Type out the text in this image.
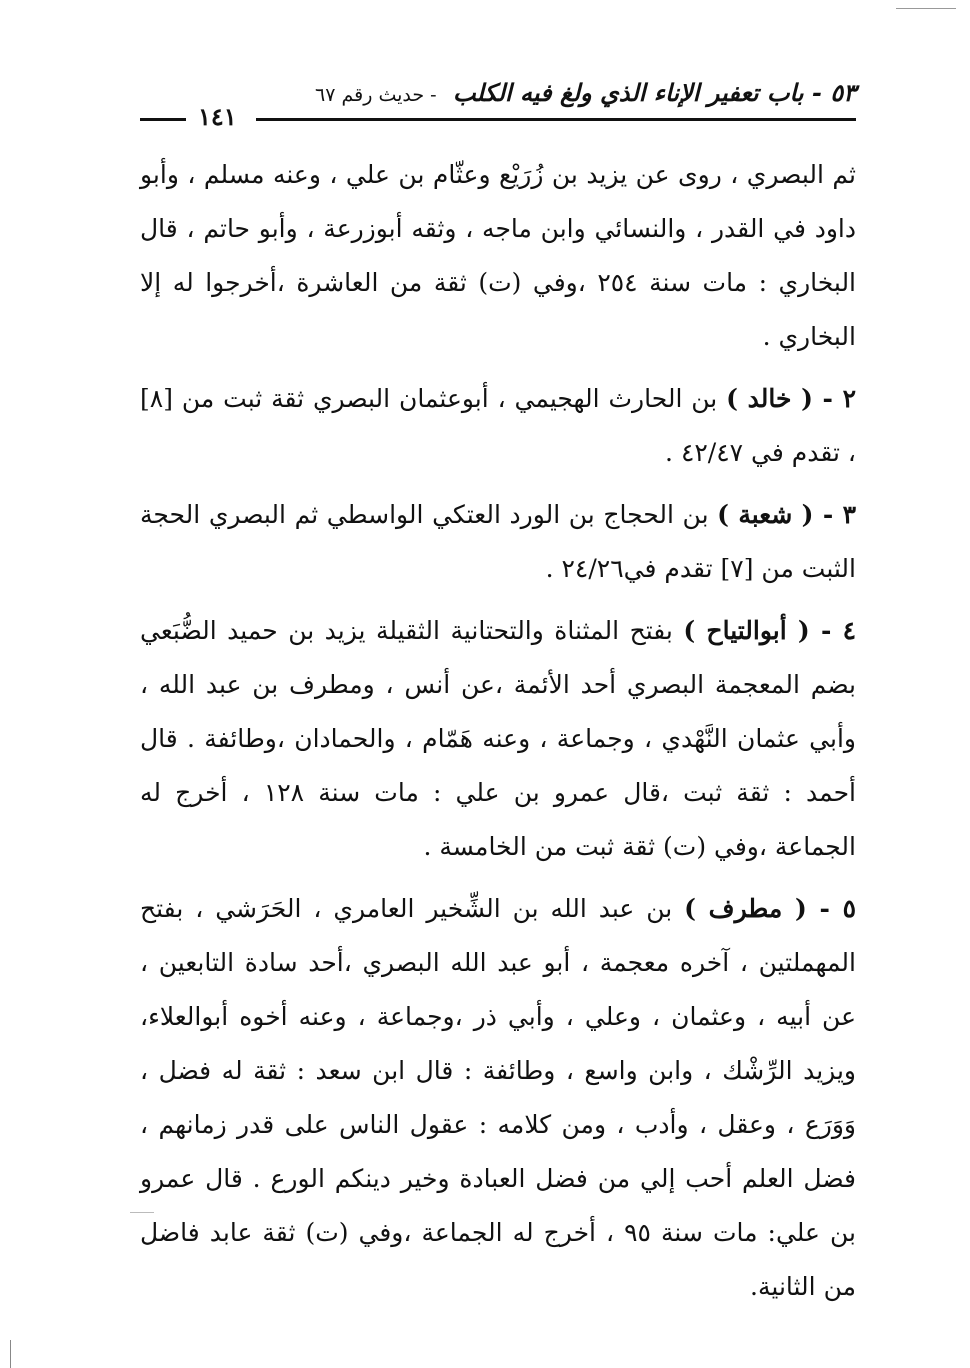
٥٣ - باب تعفير الإناء الذي ولغ فيه الكلب - حديث رقم ٦٧
١٤١

ثم البصري ، روى عن يزيد بن زُرَيْع وعثّام بن علي ، وعنه مسلم ، وأبو داود في القدر ، والنسائي وابن ماجه ، وثقه أبوزرعة ، وأبو حاتم ، قال البخاري : مات سنة ٢٥٤ ،وفي (ت) ثقة من العاشرة ،أخرجوا له إلا البخاري .

٢ - ( خالد ) بن الحارث الهجيمي ، أبوعثمان البصري ثقة ثبت من [٨] ، تقدم في ٤٢/٤٧ .

٣ - ( شعبة ) بن الحجاج بن الورد العتكي الواسطي ثم البصري الحجة الثبت من [٧] تقدم في٢٤/٢٦ .

٤ - ( أبوالتياح ) بفتح المثناة والتحتانية الثقيلة يزيد بن حميد الضُّبَعي بضم المعجمة البصري أحد الأئمة ،عن أنس ، ومطرف بن عبد الله ، وأبي عثمان النَّهْدي ، وجماعة ، وعنه هَمّام ، والحمادان ،وطائفة . قال أحمد : ثقة ثبت ،قال عمرو بن علي : مات سنة ١٢٨ ، أخرج له الجماعة ،وفي (ت) ثقة ثبت من الخامسة .

٥ - ( مطرف ) بن عبد الله بن الشِّخير العامري ، الحَرَشي ، بفتح المهملتين ، آخره معجمة ، أبو عبد الله البصري ،أحد سادة التابعين ، عن أبيه ، وعثمان ، وعلي ، وأبي ذر ،وجماعة ، وعنه أخوه أبوالعلاء، ويزيد الرِّشْك ، وابن واسع ، وطائفة : قال ابن سعد : ثقة له فضل ، وَوَرَع ، وعقل ، وأدب ، ومن كلامه : عقول الناس على قدر زمانهم ، فضل العلم أحب إلي من فضل العبادة وخير دينكم الورع . قال عمرو بن علي: مات سنة ٩٥ ، أخرج له الجماعة ،وفي (ت) ثقة عابد فاضل من الثانية.
